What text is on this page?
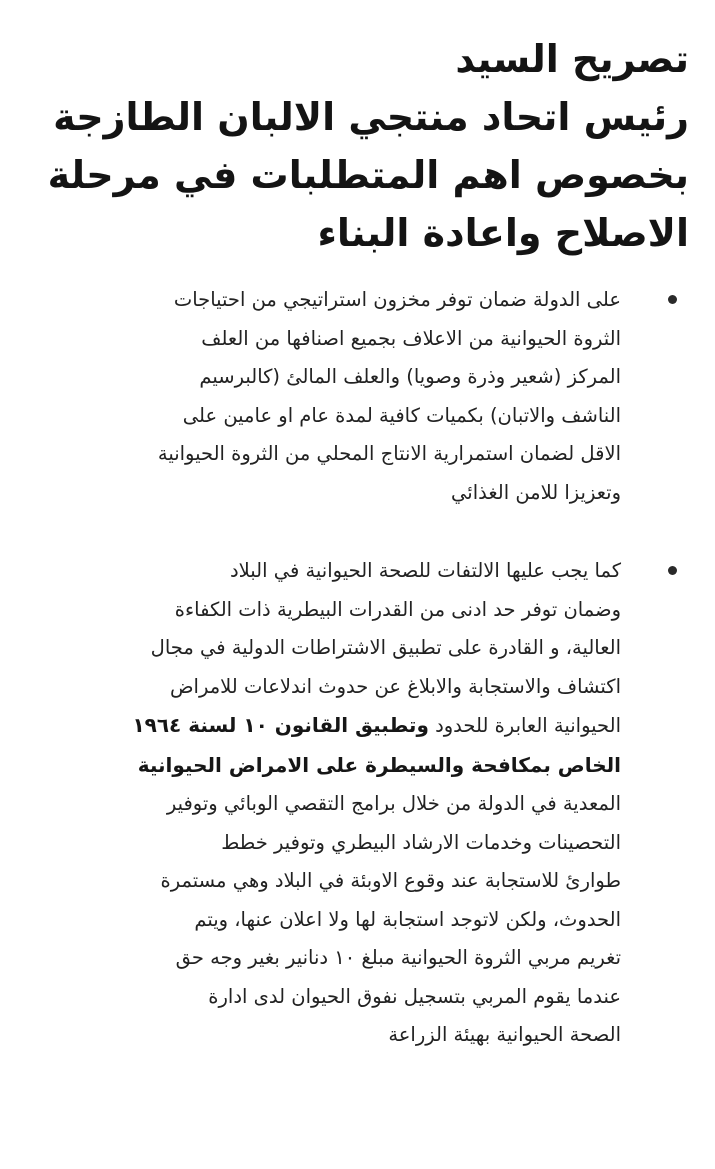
تصريح السيد
رئيس اتحاد منتجي الالبان الطازجة
بخصوص اهم المتطلبات في مرحلة
الاصلاح واعادة البناء
على الدولة ضمان توفر مخزون استراتيجي من احتياجات
الثروة الحيوانية من الاعلاف بجميع اصنافها من العلف
المركز (شعير وذرة وصويا) والعلف المالئ (كالبرسيم
الناشف والاتبان) بكميات كافية لمدة عام او عامين على
الاقل لضمان استمرارية الانتاج المحلي من الثروة الحيوانية
وتعزيزا للامن الغذائي
كما يجب عليها الالتفات للصحة الحيوانية في البلاد
وضمان توفر حد ادنى من القدرات البيطرية ذات الكفاءة
العالية، و القادرة على تطبيق الاشتراطات الدولية في مجال
اكتشاف والاستجابة والابلاغ عن حدوث اندلاعات للامراض
الحيوانية العابرة للحدود وتطبيق القانون ١٠ لسنة ١٩٦٤
الخاص بمكافحة والسيطرة على الامراض الحيوانية
المعدية في الدولة من خلال برامج التقصي الوبائي وتوفير
التحصينات وخدمات الارشاد البيطري وتوفير خطط
طوارئ للاستجابة عند وقوع الاوبئة في البلاد وهي مستمرة
الحدوث، ولكن لاتوجد استجابة لها ولا اعلان عنها، ويتم
تغريم مربي الثروة الحيوانية مبلغ ١٠ دنانير بغير وجه حق
عندما يقوم المربي بتسجيل نفوق الحيوان لدى ادارة
الصحة الحيوانية بهيئة الزراعة
